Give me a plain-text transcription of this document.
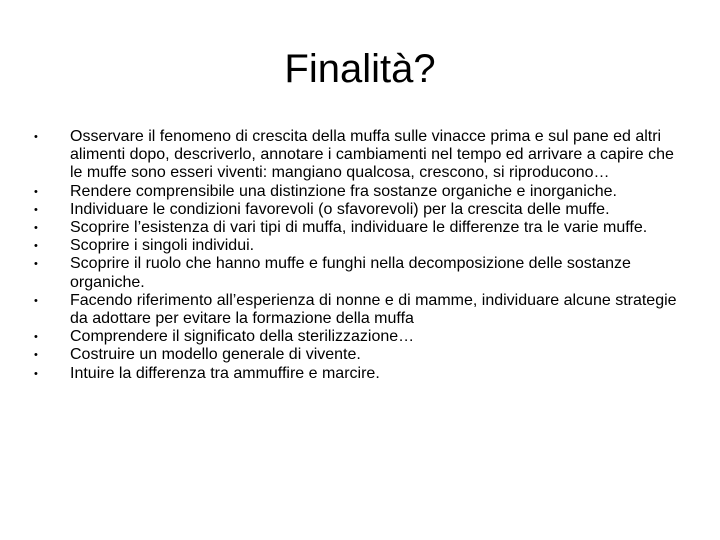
Finalità?
•	Osservare il fenomeno di crescita della muffa sulle vinacce prima e sul pane ed altri alimenti dopo, descriverlo, annotare i cambiamenti nel tempo ed arrivare a capire che le muffe sono esseri viventi: mangiano qualcosa, crescono, si riproducono…
•	Rendere comprensibile una distinzione fra sostanze organiche e inorganiche.
•	Individuare le condizioni favorevoli (o sfavorevoli) per la crescita delle muffe.
•	Scoprire l’esistenza di vari tipi di muffa, individuare le differenze tra le varie muffe.
•	Scoprire i singoli individui.
•	Scoprire il ruolo che hanno muffe e funghi nella decomposizione delle sostanze organiche.
•	Facendo riferimento all’esperienza di nonne e di mamme, individuare alcune strategie da adottare per evitare la formazione della muffa
•	Comprendere il significato della sterilizzazione…
•	Costruire un modello generale di vivente.
•	Intuire la differenza tra ammuffire e marcire.
